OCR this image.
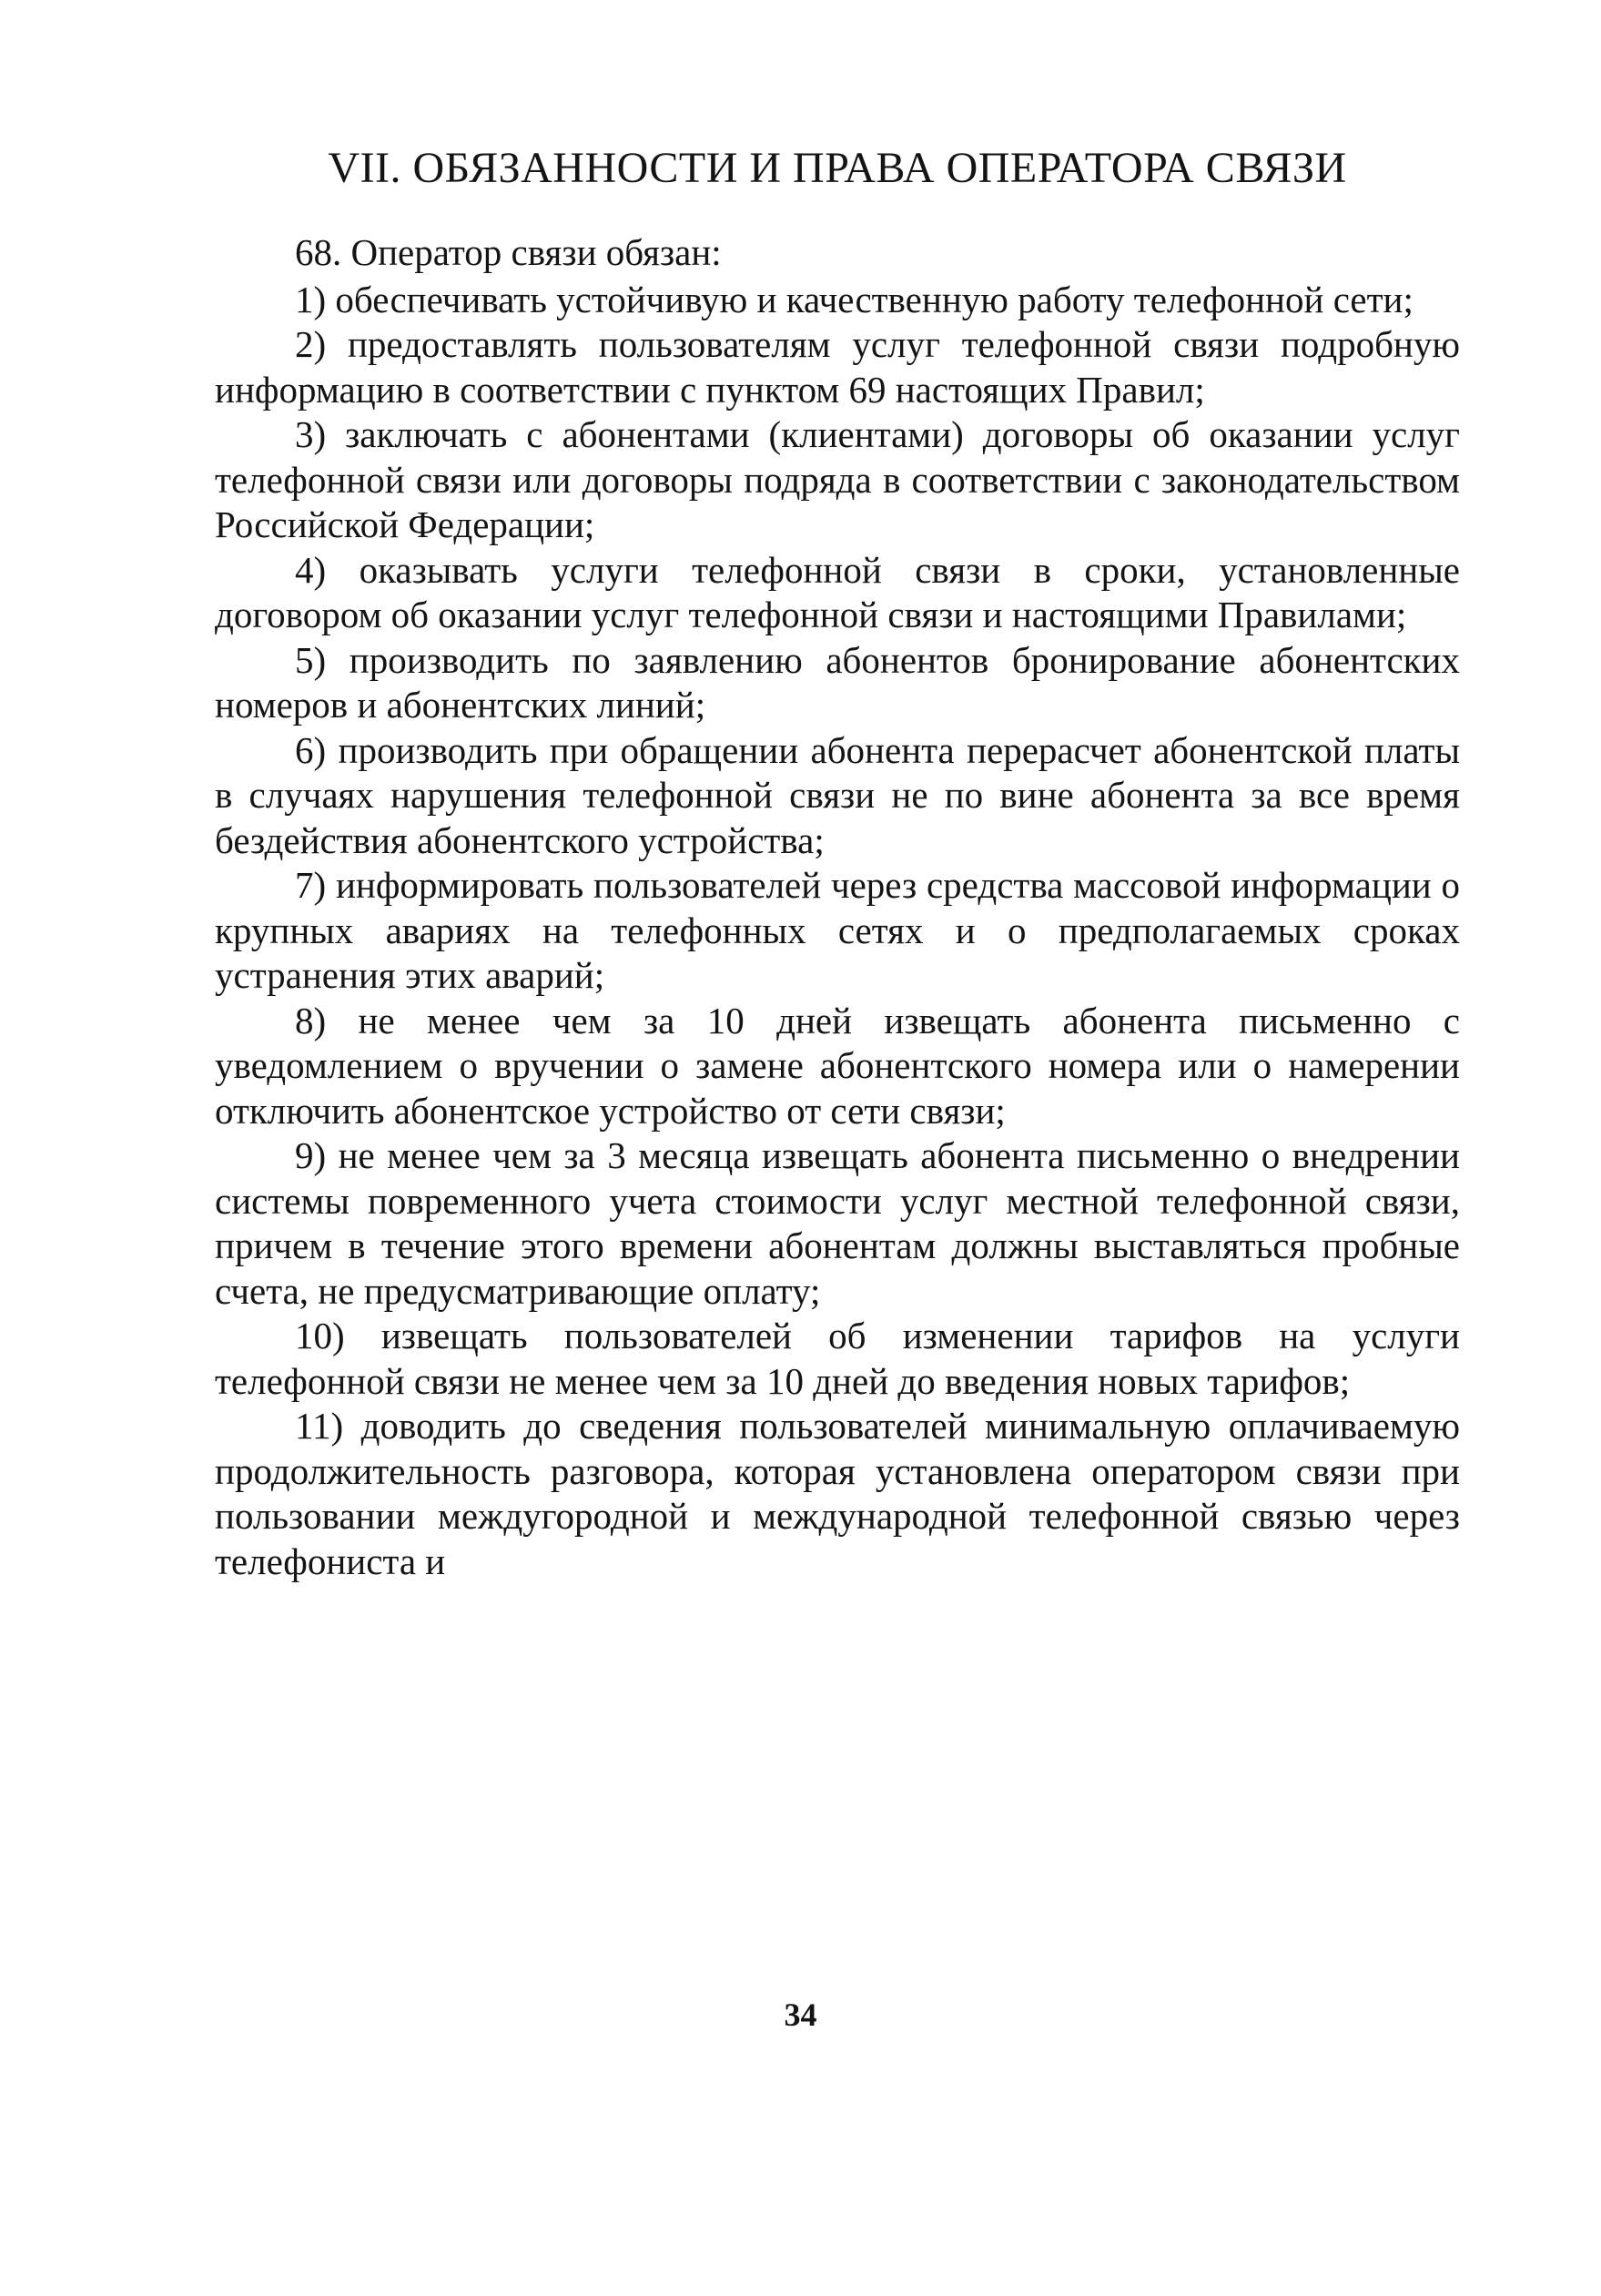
VII. ОБЯЗАННОСТИ И ПРАВА ОПЕРАТОРА СВЯЗИ

68. Оператор связи обязан:

1) обеспечивать устойчивую и качественную работу телефонной сети;

2) предоставлять пользователям услуг телефонной связи подробную информацию в соответствии с пунктом 69 настоящих Правил;

3) заключать с абонентами (клиентами) договоры об оказании услуг телефонной связи или договоры подряда в соответствии с законодательством Российской Федерации;

4) оказывать услуги телефонной связи в сроки, установленные договором об оказании услуг телефонной связи и настоящими Правилами;

5) производить по заявлению абонентов бронирование абонентских номеров и абонентских линий;

6) производить при обращении абонента перерасчет абонентской платы в случаях нарушения телефонной связи не по вине абонента за все время бездействия абонентского устройства;

7) информировать пользователей через средства массовой информации о крупных авариях на телефонных сетях и о предполагаемых сроках устранения этих аварий;

8) не менее чем за 10 дней извещать абонента письменно с уведомлением о вручении о замене абонентского номера или о намерении отключить абонентское устройство от сети связи;

9) не менее чем за 3 месяца извещать абонента письменно о внедрении системы повременного учета стоимости услуг местной телефонной связи, причем в течение этого времени абонентам должны выставляться пробные счета, не предусматривающие оплату;

10) извещать пользователей об изменении тарифов на услуги телефонной связи не менее чем за 10 дней до введения новых тарифов;

11) доводить до сведения пользователей минимальную оплачиваемую продолжительность разговора, которая установлена оператором связи при пользовании междугородной и международной телефонной связью через телефониста и

34
